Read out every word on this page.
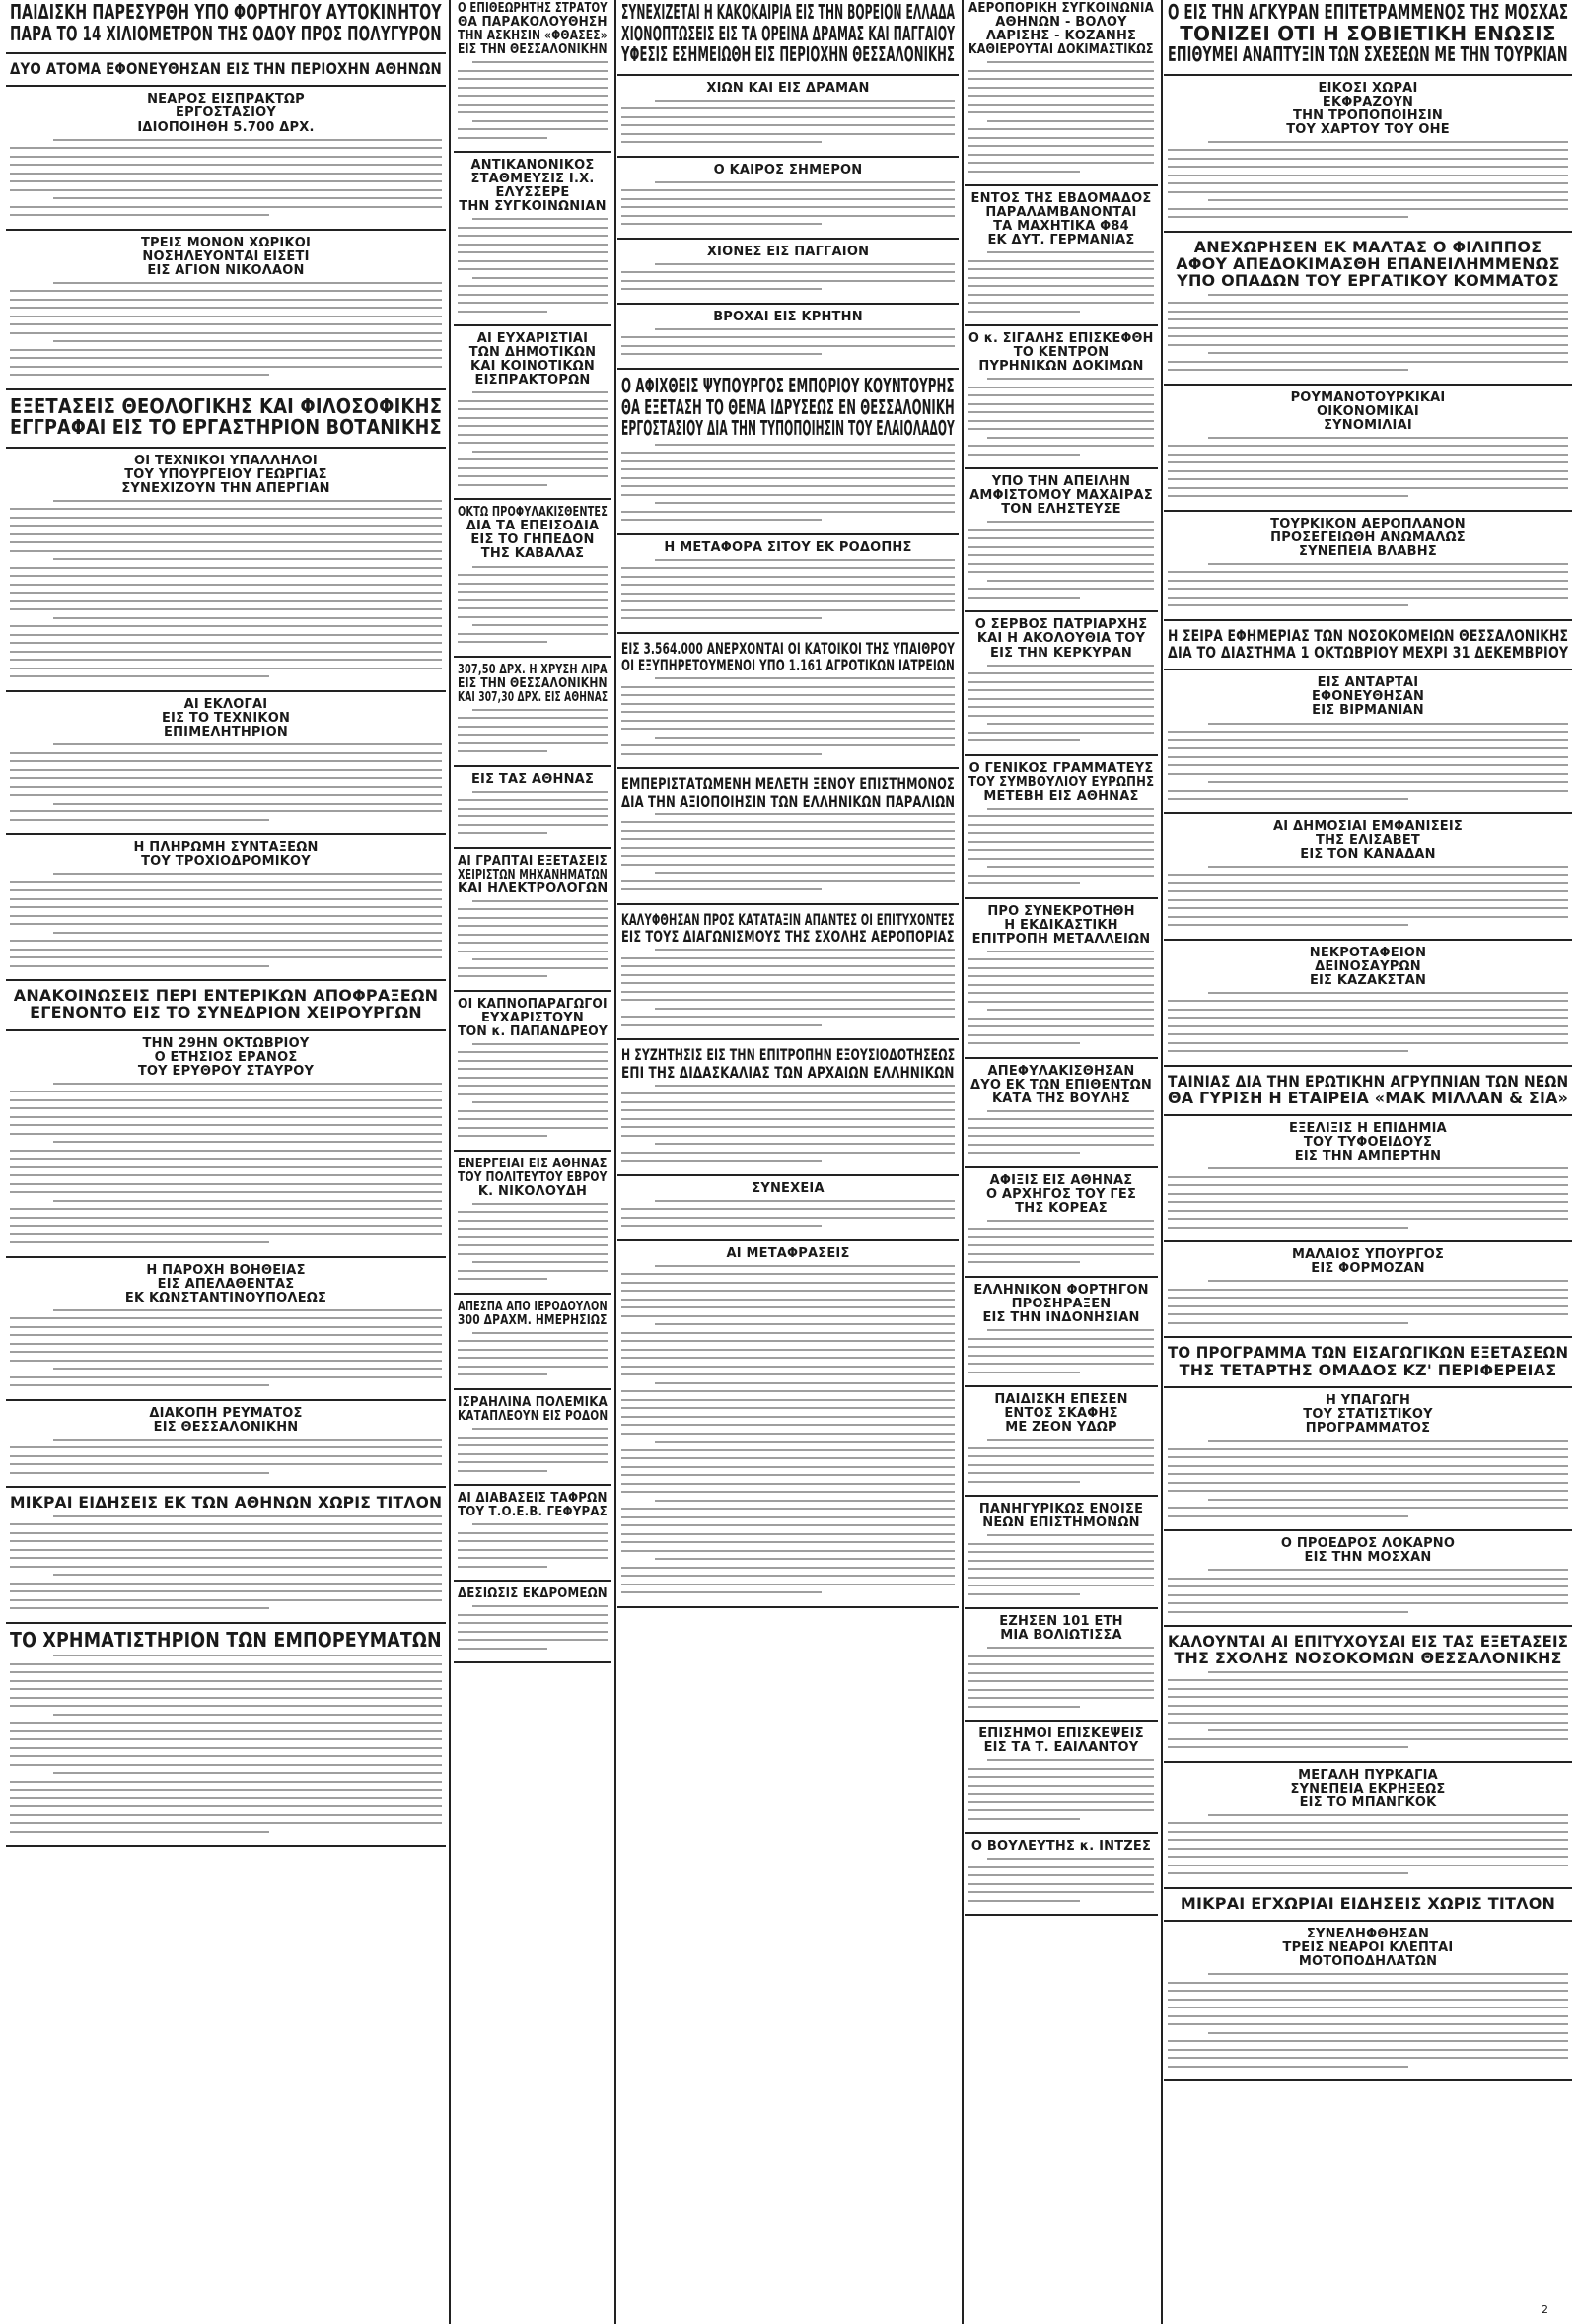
ΠΑΙΔΙΣΚΗ ΠΑΡΕΣΥΡΘΗ ΥΠΟ ΦΟΡΤΗΓΟΥ ΑΥΤΟΚΙΝΗΤΟΥ
ΠΑΡΑ ΤΟ 14 ΧΙΛΙΟΜΕΤΡΟΝ ΤΗΣ ΟΔΟΥ ΠΡΟΣ ΠΟΛΥΓΥΡΟΝ
ΔΥΟ ΑΤΟΜΑ ΕΦΟΝΕΥΘΗΣΑΝ ΕΙΣ ΤΗΝ ΠΕΡΙΟΧΗΝ ΑΘΗΝΩΝ
ΝΕΑΡΟΣ ΕΙΣΠΡΑΚΤΩΡ
ΕΡΓΟΣΤΑΣΙΟΥ
ΙΔΙΟΠΟΙΗΘΗ 5.700 ΔΡΧ.
ΤΡΕΙΣ ΜΟΝΟΝ ΧΩΡΙΚΟΙ
ΝΟΣΗΛΕΥΟΝΤΑΙ ΕΙΣΕΤΙ
ΕΙΣ ΑΓΙΟΝ ΝΙΚΟΛΑΟΝ
ΕΞΕΤΑΣΕΙΣ ΘΕΟΛΟΓΙΚΗΣ ΚΑΙ ΦΙΛΟΣΟΦΙΚΗΣ
ΕΓΓΡΑΦΑΙ ΕΙΣ ΤΟ ΕΡΓΑΣΤΗΡΙΟΝ ΒΟΤΑΝΙΚΗΣ
ΟΙ ΤΕΧΝΙΚΟΙ ΥΠΑΛΛΗΛΟΙ
ΤΟΥ ΥΠΟΥΡΓΕΙΟΥ ΓΕΩΡΓΙΑΣ
ΣΥΝΕΧΙΖΟΥΝ ΤΗΝ ΑΠΕΡΓΙΑΝ
ΑΙ ΕΚΛΟΓΑΙ
ΕΙΣ ΤΟ ΤΕΧΝΙΚΟΝ
ΕΠΙΜΕΛΗΤΗΡΙΟΝ
Η ΠΛΗΡΩΜΗ ΣΥΝΤΑΞΕΩΝ
ΤΟΥ ΤΡΟΧΙΟΔΡΟΜΙΚΟΥ
ΑΝΑΚΟΙΝΩΣΕΙΣ ΠΕΡΙ ΕΝΤΕΡΙΚΩΝ ΑΠΟΦΡΑΞΕΩΝ
ΕΓΕΝΟΝΤΟ ΕΙΣ ΤΟ ΣΥΝΕΔΡΙΟΝ ΧΕΙΡΟΥΡΓΩΝ
ΤΗΝ 29ΗΝ ΟΚΤΩΒΡΙΟΥ
Ο ΕΤΗΣΙΟΣ ΕΡΑΝΟΣ
ΤΟΥ ΕΡΥΘΡΟΥ ΣΤΑΥΡΟΥ
Η ΠΑΡΟΧΗ ΒΟΗΘΕΙΑΣ
ΕΙΣ ΑΠΕΛΑΘΕΝΤΑΣ
ΕΚ ΚΩΝΣΤΑΝΤΙΝΟΥΠΟΛΕΩΣ
ΔΙΑΚΟΠΗ ΡΕΥΜΑΤΟΣ
ΕΙΣ ΘΕΣΣΑΛΟΝΙΚΗΝ
ΜΙΚΡΑΙ ΕΙΔΗΣΕΙΣ ΕΚ ΤΩΝ ΑΘΗΝΩΝ ΧΩΡΙΣ ΤΙΤΛΟΝ
ΤΟ ΧΡΗΜΑΤΙΣΤΗΡΙΟΝ ΤΩΝ ΕΜΠΟΡΕΥΜΑΤΩΝ
Ο ΕΠΙΘΕΩΡΗΤΗΣ ΣΤΡΑΤΟΥ
ΘΑ ΠΑΡΑΚΟΛΟΥΘΗΣΗ
ΤΗΝ ΑΣΚΗΣΙΝ «ΦΘΑΣΕΣ»
ΕΙΣ ΤΗΝ ΘΕΣΣΑΛΟΝΙΚΗΝ
ΑΝΤΙΚΑΝΟΝΙΚΟΣ
ΣΤΑΘΜΕΥΣΙΣ Ι.Χ.
ΕΛΥΣΣΕΡΕ
ΤΗΝ ΣΥΓΚΟΙΝΩΝΙΑΝ
ΑΙ ΕΥΧΑΡΙΣΤΙΑΙ
ΤΩΝ ΔΗΜΟΤΙΚΩΝ
ΚΑΙ ΚΟΙΝΟΤΙΚΩΝ
ΕΙΣΠΡΑΚΤΟΡΩΝ
ΟΚΤΩ ΠΡΟΦΥΛΑΚΙΣΘΕΝΤΕΣ
ΔΙΑ ΤΑ ΕΠΕΙΣΟΔΙΑ
ΕΙΣ ΤΟ ΓΗΠΕΔΟΝ
ΤΗΣ ΚΑΒΑΛΑΣ
307,50 ΔΡΧ. Η ΧΡΥΣΗ ΛΙΡΑ
ΕΙΣ ΤΗΝ ΘΕΣΣΑΛΟΝΙΚΗΝ
ΚΑΙ 307,30 ΔΡΧ. ΕΙΣ ΑΘΗΝΑΣ
ΕΙΣ ΤΑΣ ΑΘΗΝΑΣ
ΑΙ ΓΡΑΠΤΑΙ ΕΞΕΤΑΣΕΙΣ
ΧΕΙΡΙΣΤΩΝ ΜΗΧΑΝΗΜΑΤΩΝ
ΚΑΙ ΗΛΕΚΤΡΟΛΟΓΩΝ
ΟΙ ΚΑΠΝΟΠΑΡΑΓΩΓΟΙ
ΕΥΧΑΡΙΣΤΟΥΝ
ΤΟΝ κ. ΠΑΠΑΝΔΡΕΟΥ
ΕΝΕΡΓΕΙΑΙ ΕΙΣ ΑΘΗΝΑΣ
ΤΟΥ ΠΟΛΙΤΕΥΤΟΥ ΕΒΡΟΥ
Κ. ΝΙΚΟΛΟΥΔΗ
ΑΠΕΣΠΑ ΑΠΟ ΙΕΡΟΔΟΥΛΟΝ
300 ΔΡΑΧΜ. ΗΜΕΡΗΣΙΩΣ
ΙΣΡΑΗΛΙΝΑ ΠΟΛΕΜΙΚΑ
ΚΑΤΑΠΛΕΟΥΝ ΕΙΣ ΡΟΔΟΝ
ΑΙ ΔΙΑΒΑΣΕΙΣ ΤΑΦΡΩΝ
ΤΟΥ Τ.Ο.Ε.Β. ΓΕΦΥΡΑΣ
ΔΕΣΙΩΣΙΣ ΕΚΔΡΟΜΕΩΝ
ΣΥΝΕΧΙΖΕΤΑΙ Η ΚΑΚΟΚΑΙΡΙΑ ΕΙΣ ΤΗΝ ΒΟΡΕΙΟΝ ΕΛΛΑΔΑ
ΧΙΟΝΟΠΤΩΣΕΙΣ ΕΙΣ ΤΑ ΟΡΕΙΝΑ ΔΡΑΜΑΣ ΚΑΙ ΠΑΓΓΑΙΟΥ
ΥΦΕΣΙΣ ΕΣΗΜΕΙΩΘΗ ΕΙΣ ΠΕΡΙΟΧΗΝ ΘΕΣΣΑΛΟΝΙΚΗΣ
ΧΙΩΝ ΚΑΙ ΕΙΣ ΔΡΑΜΑΝ
Ο ΚΑΙΡΟΣ ΣΗΜΕΡΟΝ
ΧΙΟΝΕΣ ΕΙΣ ΠΑΓΓΑΙΟΝ
ΒΡΟΧΑΙ ΕΙΣ ΚΡΗΤΗΝ
Ο ΑΦΙΧΘΕΙΣ ΨΥΠΟΥΡΓΟΣ ΕΜΠΟΡΙΟΥ ΚΟΥΝΤΟΥΡΗΣ
ΘΑ ΕΞΕΤΑΣΗ ΤΟ ΘΕΜΑ ΙΔΡΥΣΕΩΣ ΕΝ ΘΕΣΣΑΛΟΝΙΚΗ
ΕΡΓΟΣΤΑΣΙΟΥ ΔΙΑ ΤΗΝ ΤΥΠΟΠΟΙΗΣΙΝ ΤΟΥ ΕΛΑΙΟΛΑΔΟΥ
Η ΜΕΤΑΦΟΡΑ ΣΙΤΟΥ ΕΚ ΡΟΔΟΠΗΣ
ΕΙΣ 3.564.000 ΑΝΕΡΧΟΝΤΑΙ ΟΙ ΚΑΤΟΙΚΟΙ ΤΗΣ ΥΠΑΙΘΡΟΥ
ΟΙ ΕΞΥΠΗΡΕΤΟΥΜΕΝΟΙ ΥΠΟ 1.161 ΑΓΡΟΤΙΚΩΝ ΙΑΤΡΕΙΩΝ
ΕΜΠΕΡΙΣΤΑΤΩΜΕΝΗ ΜΕΛΕΤΗ ΞΕΝΟΥ ΕΠΙΣΤΗΜΟΝΟΣ
ΔΙΑ ΤΗΝ ΑΞΙΟΠΟΙΗΣΙΝ ΤΩΝ ΕΛΛΗΝΙΚΩΝ ΠΑΡΑΛΙΩΝ
ΚΑΛΥΦΘΗΣΑΝ ΠΡΟΣ ΚΑΤΑΤΑΞΙΝ ΑΠΑΝΤΕΣ ΟΙ ΕΠΙΤΥΧΟΝΤΕΣ
ΕΙΣ ΤΟΥΣ ΔΙΑΓΩΝΙΣΜΟΥΣ ΤΗΣ ΣΧΟΛΗΣ ΑΕΡΟΠΟΡΙΑΣ
Η ΣΥΖΗΤΗΣΙΣ ΕΙΣ ΤΗΝ ΕΠΙΤΡΟΠΗΝ ΕΞΟΥΣΙΟΔΟΤΗΣΕΩΣ
ΕΠΙ ΤΗΣ ΔΙΔΑΣΚΑΛΙΑΣ ΤΩΝ ΑΡΧΑΙΩΝ ΕΛΛΗΝΙΚΩΝ
ΣΥΝΕΧΕΙΑ
ΑΙ ΜΕΤΑΦΡΑΣΕΙΣ
ΑΕΡΟΠΟΡΙΚΗ ΣΥΓΚΟΙΝΩΝΙΑ
ΑΘΗΝΩΝ - ΒΟΛΟΥ
ΛΑΡΙΣΗΣ - ΚΟΖΑΝΗΣ
ΚΑΘΙΕΡΟΥΤΑΙ ΔΟΚΙΜΑΣΤΙΚΩΣ
ΕΝΤΟΣ ΤΗΣ ΕΒΔΟΜΑΔΟΣ
ΠΑΡΑΛΑΜΒΑΝΟΝΤΑΙ
ΤΑ ΜΑΧΗΤΙΚΑ Φ84
ΕΚ ΔΥΤ. ΓΕΡΜΑΝΙΑΣ
Ο κ. ΣΙΓΑΛΗΣ ΕΠΙΣΚΕΦΘΗ
ΤΟ ΚΕΝΤΡΟΝ
ΠΥΡΗΝΙΚΩΝ ΔΟΚΙΜΩΝ
ΥΠΟ ΤΗΝ ΑΠΕΙΛΗΝ
ΑΜΦΙΣΤΟΜΟΥ ΜΑΧΑΙΡΑΣ
ΤΟΝ ΕΛΗΣΤΕΥΣΕ
Ο ΣΕΡΒΟΣ ΠΑΤΡΙΑΡΧΗΣ
ΚΑΙ Η ΑΚΟΛΟΥΘΙΑ ΤΟΥ
ΕΙΣ ΤΗΝ ΚΕΡΚΥΡΑΝ
Ο ΓΕΝΙΚΟΣ ΓΡΑΜΜΑΤΕΥΣ
ΤΟΥ ΣΥΜΒΟΥΛΙΟΥ ΕΥΡΩΠΗΣ
ΜΕΤΕΒΗ ΕΙΣ ΑΘΗΝΑΣ
ΠΡΟ ΣΥΝΕΚΡΟΤΗΘΗ
Η ΕΚΔΙΚΑΣΤΙΚΗ
ΕΠΙΤΡΟΠΗ ΜΕΤΑΛΛΕΙΩΝ
ΑΠΕΦΥΛΑΚΙΣΘΗΣΑΝ
ΔΥΟ ΕΚ ΤΩΝ ΕΠΙΘΕΝΤΩΝ
ΚΑΤΑ ΤΗΣ ΒΟΥΛΗΣ
ΑΦΙΞΙΣ ΕΙΣ ΑΘΗΝΑΣ
Ο ΑΡΧΗΓΟΣ ΤΟΥ ΓΕΣ
ΤΗΣ ΚΟΡΕΑΣ
ΕΛΛΗΝΙΚΟΝ ΦΟΡΤΗΓΟΝ
ΠΡΟΣΗΡΑΞΕΝ
ΕΙΣ ΤΗΝ ΙΝΔΟΝΗΣΙΑΝ
ΠΑΙΔΙΣΚΗ ΕΠΕΣΕΝ
ΕΝΤΟΣ ΣΚΑΦΗΣ
ΜΕ ΖΕΟΝ ΥΔΩΡ
ΠΑΝΗΓΥΡΙΚΩΣ ΕΝΟΙΣΕ
ΝΕΩΝ ΕΠΙΣΤΗΜΟΝΩΝ
ΕΖΗΣΕΝ 101 ΕΤΗ
ΜΙΑ ΒΟΛΙΩΤΙΣΣΑ
ΕΠΙΣΗΜΟΙ ΕΠΙΣΚΕΨΕΙΣ
ΕΙΣ ΤΑ Τ. ΕΑΙΛΑΝΤΟΥ
Ο ΒΟΥΛΕΥΤΗΣ κ. ΙΝΤΖΕΣ
Ο ΕΙΣ ΤΗΝ ΑΓΚΥΡΑΝ ΕΠΙΤΕΤΡΑΜΜΕΝΟΣ ΤΗΣ ΜΟΣΧΑΣ
ΤΟΝΙΖΕΙ ΟΤΙ Η ΣΟΒΙΕΤΙΚΗ ΕΝΩΣΙΣ
ΕΠΙΘΥΜΕΙ ΑΝΑΠΤΥΞΙΝ ΤΩΝ ΣΧΕΣΕΩΝ ΜΕ ΤΗΝ ΤΟΥΡΚΙΑΝ
ΕΙΚΟΣΙ ΧΩΡΑΙ
ΕΚΦΡΑΖΟΥΝ
ΤΗΝ ΤΡΟΠΟΠΟΙΗΣΙΝ
ΤΟΥ ΧΑΡΤΟΥ ΤΟΥ ΟΗΕ
ΑΝΕΧΩΡΗΣΕΝ ΕΚ ΜΑΛΤΑΣ Ο ΦΙΛΙΠΠΟΣ
ΑΦΟΥ ΑΠΕΔΟΚΙΜΑΣΘΗ ΕΠΑΝΕΙΛΗΜΜΕΝΩΣ
ΥΠΟ ΟΠΑΔΩΝ ΤΟΥ ΕΡΓΑΤΙΚΟΥ ΚΟΜΜΑΤΟΣ
ΡΟΥΜΑΝΟΤΟΥΡΚΙΚΑΙ
ΟΙΚΟΝΟΜΙΚΑΙ
ΣΥΝΟΜΙΛΙΑΙ
ΤΟΥΡΚΙΚΟΝ ΑΕΡΟΠΛΑΝΟΝ
ΠΡΟΣΕΓΕΙΩΘΗ ΑΝΩΜΑΛΩΣ
ΣΥΝΕΠΕΙΑ ΒΛΑΒΗΣ
Η ΣΕΙΡΑ ΕΦΗΜΕΡΙΑΣ ΤΩΝ ΝΟΣΟΚΟΜΕΙΩΝ ΘΕΣΣΑΛΟΝΙΚΗΣ
ΔΙΑ ΤΟ ΔΙΑΣΤΗΜΑ 1 ΟΚΤΩΒΡΙΟΥ ΜΕΧΡΙ 31 ΔΕΚΕΜΒΡΙΟΥ
ΕΙΣ ΑΝΤΑΡΤΑΙ
ΕΦΟΝΕΥΘΗΣΑΝ
ΕΙΣ ΒΙΡΜΑΝΙΑΝ
ΑΙ ΔΗΜΟΣΙΑΙ ΕΜΦΑΝΙΣΕΙΣ
ΤΗΣ ΕΛΙΣΑΒΕΤ
ΕΙΣ ΤΟΝ ΚΑΝΑΔΑΝ
ΝΕΚΡΟΤΑΦΕΙΟΝ
ΔΕΙΝΟΣΑΥΡΩΝ
ΕΙΣ ΚΑΖΑΚΣΤΑΝ
ΤΑΙΝΙΑΣ ΔΙΑ ΤΗΝ ΕΡΩΤΙΚΗΝ ΑΓΡΥΠΝΙΑΝ ΤΩΝ ΝΕΩΝ
ΘΑ ΓΥΡΙΣΗ Η ΕΤΑΙΡΕΙΑ «ΜΑΚ ΜΙΛΛΑΝ & ΣΙΑ»
ΕΞΕΛΙΞΙΣ Η ΕΠΙΔΗΜΙΑ
ΤΟΥ ΤΥΦΟΕΙΔΟΥΣ
ΕΙΣ ΤΗΝ ΑΜΠΕΡΤΗΝ
ΜΑΛΑΙΟΣ ΥΠΟΥΡΓΟΣ
ΕΙΣ ΦΟΡΜΟΖΑΝ
ΤΟ ΠΡΟΓΡΑΜΜΑ ΤΩΝ ΕΙΣΑΓΩΓΙΚΩΝ ΕΞΕΤΑΣΕΩΝ
ΤΗΣ ΤΕΤΑΡΤΗΣ ΟΜΑΔΟΣ ΚΖ' ΠΕΡΙΦΕΡΕΙΑΣ
Η ΥΠΑΓΩΓΗ
ΤΟΥ ΣΤΑΤΙΣΤΙΚΟΥ
ΠΡΟΓΡΑΜΜΑΤΟΣ
Ο ΠΡΟΕΔΡΟΣ ΛΟΚΑΡΝΟ
ΕΙΣ ΤΗΝ ΜΟΣΧΑΝ
ΚΑΛΟΥΝΤΑΙ ΑΙ ΕΠΙΤΥΧΟΥΣΑΙ ΕΙΣ ΤΑΣ ΕΞΕΤΑΣΕΙΣ
ΤΗΣ ΣΧΟΛΗΣ ΝΟΣΟΚΟΜΩΝ ΘΕΣΣΑΛΟΝΙΚΗΣ
ΜΕΓΑΛΗ ΠΥΡΚΑΓΙΑ
ΣΥΝΕΠΕΙΑ ΕΚΡΗΞΕΩΣ
ΕΙΣ ΤΟ ΜΠΑΝΓΚΟΚ
ΜΙΚΡΑΙ ΕΓΧΩΡΙΑΙ ΕΙΔΗΣΕΙΣ ΧΩΡΙΣ ΤΙΤΛΟΝ
ΣΥΝΕΛΗΦΘΗΣΑΝ
ΤΡΕΙΣ ΝΕΑΡΟΙ ΚΛΕΠΤΑΙ
ΜΟΤΟΠΟΔΗΛΑΤΩΝ
2
